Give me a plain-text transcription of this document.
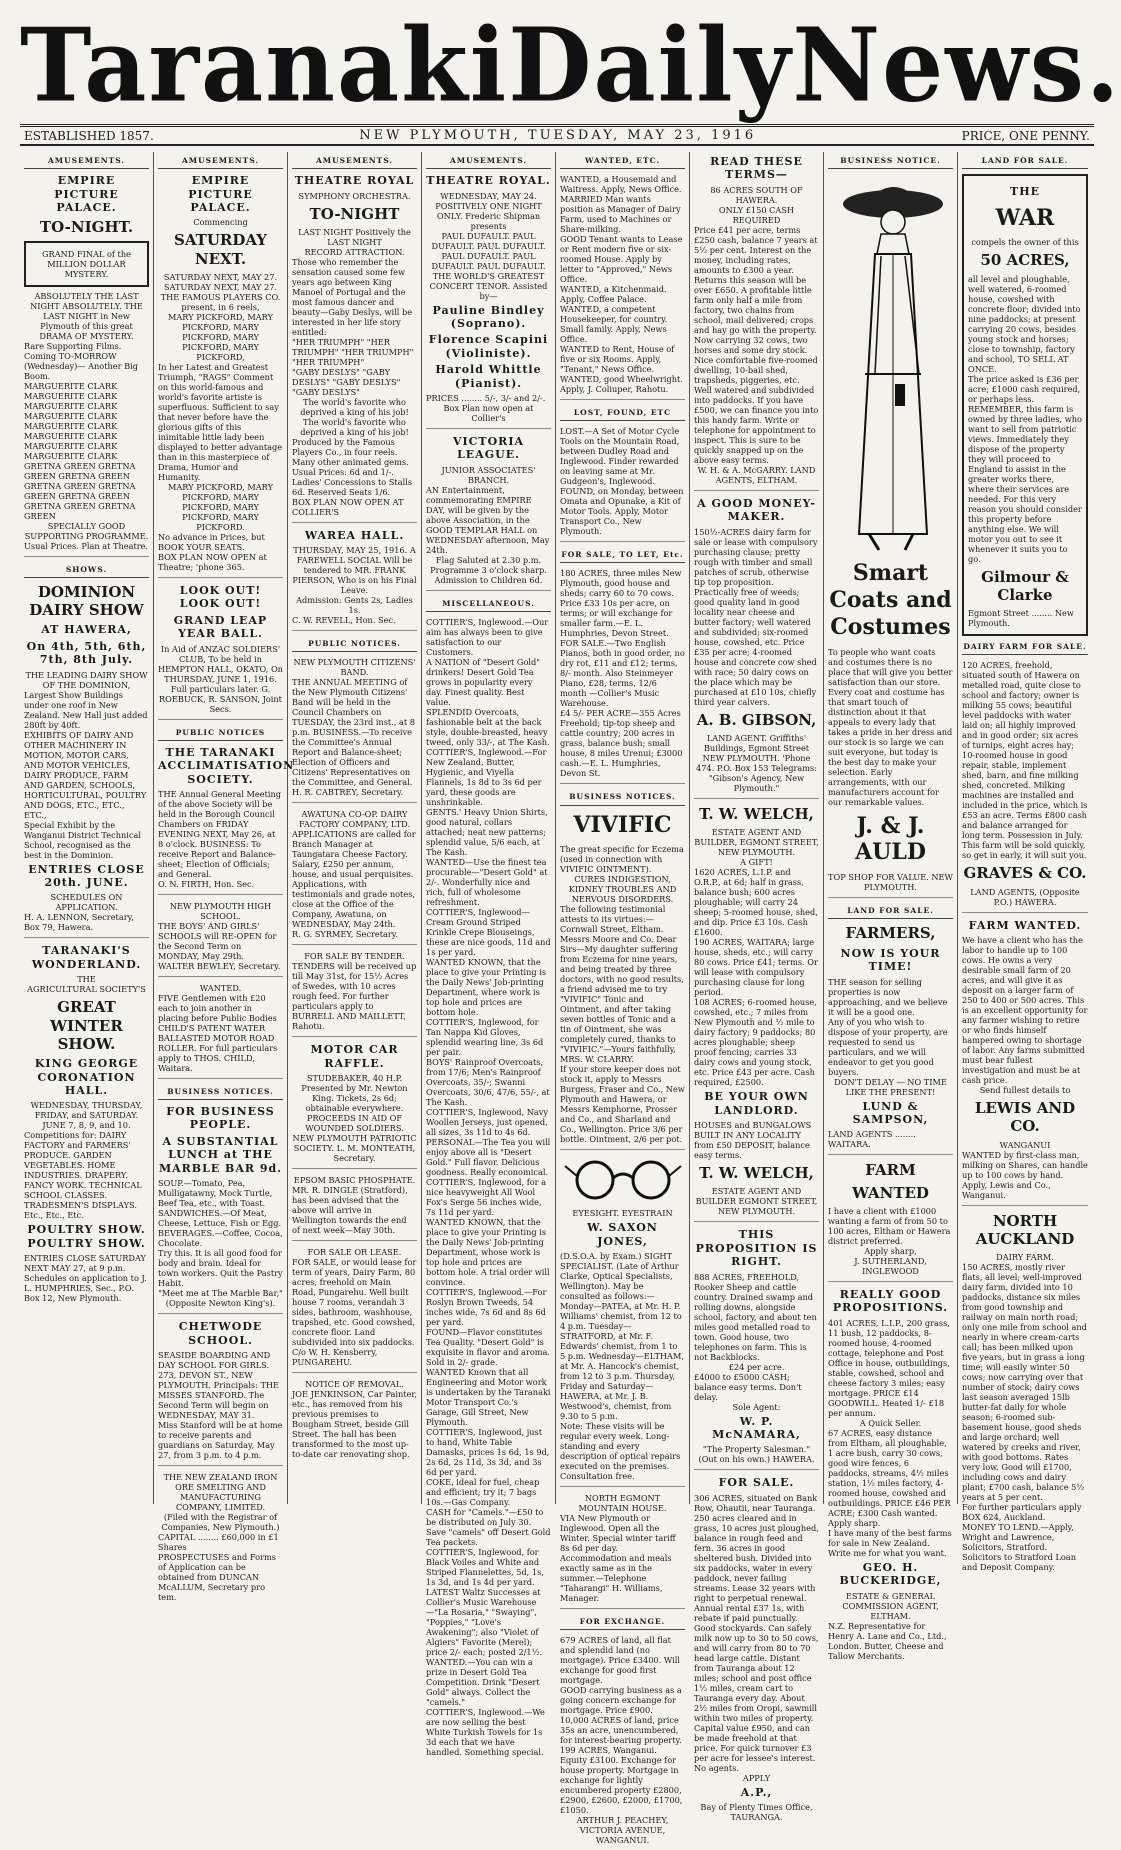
Taranaki Daily News.
ESTABLISHED 1857.	NEW PLYMOUTH, TUESDAY, MAY 23, 1916	PRICE, ONE PENNY.
AMUSEMENTS.
EMPIRE PICTURE PALACE.
TO-NIGHT.
GRAND FINAL of the MILLION DOLLAR MYSTERY.
ABSOLUTELY THE LAST NIGHT ABSOLUTELY. THE LAST NIGHT in New Plymouth of this great DRAMA OF MYSTERY.
Rare Supporting Films. Coming TO-MORROW (Wednesday)— Another Big Boom.
MARGUERITE CLARK MARGUERITE CLARK MARGUERITE CLARK MARGUERITE CLARK MARGUERITE CLARK MARGUERITE CLARK MARGUERITE CLARK MARGUERITE CLARK
GRETNA GREEN GRETNA GREEN GRETNA GREEN GRETNA GREEN GRETNA GREEN GRETNA GREEN GRETNA GREEN GRETNA GREEN
SPECIALLY GOOD SUPPORTING PROGRAMME.
Usual Prices. Plan at Theatre.
SHOWS.
DOMINION DAIRY SHOW
AT HAWERA,
On 4th, 5th, 6th, 7th, 8th July.
THE LEADING DAIRY SHOW OF THE DOMINION,
Largest Show Buildings under one roof in New Zealand. New Hall just added 280ft by 40ft.
EXHIBITS OF DAIRY AND OTHER MACHINERY IN MOTION, MOTOR CARS, AND MOTOR VEHICLES, DAIRY PRODUCE, FARM AND GARDEN, SCHOOLS, HORTICULTURAL, POULTRY AND DOGS, ETC., ETC., ETC.,
Special Exhibit by the Wanganui District Technical School, recognised as the best in the Dominion.
ENTRIES CLOSE 20th. JUNE.
SCHEDULES ON APPLICATION.
H. A. LENNON, Secretary, Box 79, Hawera.
TARANAKI'S WONDERLAND.
THE
AGRICULTURAL SOCIETY'S
GREAT WINTER SHOW.
KING GEORGE CORONATION HALL.
WEDNESDAY, THURSDAY, FRIDAY, and SATURDAY. JUNE 7, 8, 9, and 10.
Competitions for: DAIRY FACTORY and FARMERS' PRODUCE. GARDEN VEGETABLES. HOME INDUSTRIES. DRAPERY. FANCY WORK. TECHNICAL SCHOOL CLASSES. TRADESMEN'S DISPLAYS. Etc., Etc., Etc.
POULTRY SHOW. POULTRY SHOW.
ENTRIES CLOSE SATURDAY NEXT MAY 27, at 9 p.m. Schedules on application to J. L. HUMPHRIES, Sec., P.O. Box 12, New Plymouth.
AMUSEMENTS.
EMPIRE PICTURE PALACE.
Commencing
SATURDAY NEXT.
SATURDAY NEXT, MAY 27. SATURDAY NEXT, MAY 27.
THE FAMOUS PLAYERS CO. present, in 6 reels,
MARY PICKFORD, MARY PICKFORD, MARY PICKFORD, MARY PICKFORD, MARY PICKFORD,
In her Latest and Greatest Triumph, "RAGS" Comment on this world-famous and world's favorite artiste is superfluous. Sufficient to say that never before have the glorious gifts of this inimitable little lady been displayed to better advantage than in this masterpiece of Drama, Humor and Humanity.
MARY PICKFORD, MARY PICKFORD, MARY PICKFORD, MARY PICKFORD, MARY PICKFORD.
No advance in Prices, but BOOK YOUR SEATS.
BOX PLAN NOW OPEN at Theatre; 'phone 365.
LOOK OUT! LOOK OUT!
GRAND LEAP YEAR BALL.
In Aid of ANZAC SOLDIERS' CLUB, To be held in HEMPTON HALL, OKATO, On THURSDAY, JUNE 1, 1916.
Full particulars later. G. ROEBUCK, R. SANSON, Joint Secs.
PUBLIC NOTICES
THE TARANAKI ACCLIMATISATION SOCIETY.
THE Annual General Meeting of the above Society will be held in the Borough Council Chambers on FRIDAY EVENING NEXT, May 26, at 8 o'clock. BUSINESS: To receive Report and Balance-sheet; Election of Officials; and General.
O. N. FIRTH, Hon. Sec.
NEW PLYMOUTH HIGH SCHOOL.
THE BOYS' AND GIRLS' SCHOOLS will RE-OPEN for the Second Term on MONDAY, May 29th.
WALTER BEWLEY, Secretary.
WANTED.
FIVE Gentlemen with £20 each to join another in placing before Public Bodies CHILD'S PATENT WATER BALLASTED MOTOR ROAD ROLLER. For full particulars apply to THOS. CHILD, Waitara.
BUSINESS NOTICES.
FOR BUSINESS PEOPLE.
A SUBSTANTIAL LUNCH at THE MARBLE BAR 9d.
SOUP.—Tomato, Pea, Mulligatawny, Mock Turtle, Beef Tea, etc., with Toast. SANDWICHES.—Of Meat, Cheese, Lettuce, Fish or Egg. BEVERAGES.—Coffee, Cocoa, Chocolate.
Try this. It is all good food for body and brain. Ideal for town workers. Quit the Pastry Habit.
"Meet me at The Marble Bar," (Opposite Newton King's).
CHETWODE SCHOOL.
SEASIDE BOARDING AND DAY SCHOOL FOR GIRLS. 273, DEVON ST., NEW PLYMOUTH. Principals: THE MISSES STANFORD. The Second Term will begin on WEDNESDAY, MAY 31.
Miss Stanford will be at home to receive parents and guardians on Saturday, May 27, from 3 p.m. to 4 p.m.
THE NEW ZEALAND IRON ORE SMELTING AND MANUFACTURING COMPANY, LIMITED.
(Filed with the Registrar of Companies, New Plymouth.)
CAPITAL ........ £60,000 in £1 Shares
PROSPECTUSES and Forms of Application can be obtained from DUNCAN McALLUM, Secretary pro tem.
AMUSEMENTS.
THEATRE ROYAL
SYMPHONY ORCHESTRA.
TO-NIGHT
LAST NIGHT Positively the LAST NIGHT
RECORD ATTRACTION.
Those who remember the sensation caused some few years ago between King Manoel of Portugal and the most famous dancer and beauty—Gaby Deslys, will be interested in her life story entitled:
"HER TRIUMPH" "HER TRIUMPH" "HER TRIUMPH" "HER TRIUMPH"
"GABY DESLYS" "GABY DESLYS" "GABY DESLYS" "GABY DESLYS"
The world's favorite who deprived a king of his job! The world's favorite who deprived a king of his job!
Produced by the Famous Players Co., in four reels. Many other animated gems. Usual Prices: 6d and 1/-. Ladies' Concessions to Stalls 6d. Reserved Seats 1/6.
BOX PLAN NOW OPEN AT COLLIER'S
WAREA HALL.
THURSDAY, MAY 25, 1916. A FAREWELL SOCIAL Will be tendered to MR. FRANK PIERSON, Who is on his Final Leave.
Admission: Gents 2s, Ladies 1s.
C. W. REVELL, Hon. Sec.
PUBLIC NOTICES.
NEW PLYMOUTH CITIZENS' BAND.
THE ANNUAL MEETING of the New Plymouth Citizens' Band will be held in the Council Chambers on TUESDAY, the 23rd inst., at 8 p.m. BUSINESS.—To receive the Committee's Annual Report and Balance-sheet; Election of Officers and Citizens' Representatives on the Committee, and General.
H. R. CABTREY, Secretary.
AWATUNA CO-OP. DAIRY FACTORY COMPANY, LTD.
APPLICATIONS are called for Branch Manager at Taungatara Cheese Factory. Salary, £250 per annum, house, and usual perquisites. Applications, with testimonials and grade notes, close at the Office of the Company, Awatuna, on WEDNESDAY, May 24th.
R. G. SYRMEY, Secretary.
FOR SALE BY TENDER.
TENDERS will be received up till May 31st, for 15½ Acres of Swedes, with 10 acres rough feed. For further particulars apply to BURRELL AND MAILLETT, Rahotu.
MOTOR CAR RAFFLE.
STUDEBAKER, 40 H.P. Presented by Mr. Newton King. Tickets, 2s 6d; obtainable everywhere.
PROCEEDS IN AID OF WOUNDED SOLDIERS.
NEW PLYMOUTH PATRIOTIC SOCIETY. L. M. MONTEATH, Secretary.
EPSOM BASIC PHOSPHATE.
MR. R. DINGLE (Stratford), has been advised that the above will arrive in Wellington towards the end of next week—May 30th.
FOR SALE OR LEASE.
FOR SALE, or would lease for term of years, Dairy Farm, 80 acres, freehold on Main Road, Pungarehu. Well built house 7 rooms, verandah 3 sides, bathroom, washhouse, trapshed, etc. Good cowshed, concrete floor. Land subdivided into six paddocks.
C/o W. H. Kensberry, PUNGAREHU.
NOTICE OF REMOVAL.
JOE JENKINSON, Car Painter, etc., has removed from his previous premises to Bougham Street, beside Gill Street. The hall has been transformed to the most up-to-date car renovating shop.
AMUSEMENTS.
THEATRE ROYAL.
WEDNESDAY, MAY 24. POSITIVELY ONE NIGHT ONLY. Frederic Shipman presents
PAUL DUFAULT. PAUL DUFAULT. PAUL DUFAULT. PAUL DUFAULT. PAUL DUFAULT. PAUL DUFAULT.
THE WORLD'S GREATEST CONCERT TENOR. Assisted by—
Pauline Bindley (Soprano).
Florence Scapini (Violiniste).
Harold Whittle (Pianist).
PRICES ........ 5/-, 3/- and 2/-.
Box Plan now open at Collier's
VICTORIA LEAGUE.
JUNIOR ASSOCIATES' BRANCH.
AN Entertainment, commemorating EMPIRE DAY, will be given by the above Association, in the GOOD TEMPLAR HALL on WEDNESDAY afternoon, May 24th.
Flag Saluted at 2.30 p.m.
Programme 3 o'clock sharp.
Admission to Children 6d.
MISCELLANEOUS.
COTTIER'S, Inglewood.—Our aim has always been to give satisfaction to our Customers.
A NATION of "Desert Gold" drinkers! Desert Gold Tea grows in popularity every day. Finest quality. Best value.
SPLENDID Overcoats, fashionable belt at the back style, double-breasted, heavy tweed, only 33/-, at The Kash.
COTTIER'S, Inglewood.—For New Zealand, Butter, Hygienic, and Viyella Flannels, 1s 8d to 3s 6d per yard, these goods are unshrinkable.
GENTS.' Heavy Union Shirts, good natural, collars attached; neat new patterns; splendid value, 5/6 each, at The Kash.
WANTED—Use the finest tea procurable—"Desert Gold" at 2/-. Wonderfully nice and rich, full of wholesome refreshment.
COTTIER'S, Inglewood—Cream Ground Striped Krinkle Crepe Blouseings, these are nice goods, 11d and 1s per yard.
WANTED KNOWN, that the place to give your Printing is the Daily News' Job-printing Department, where work is top hole and prices are bottom hole.
COTTIER'S, Inglewood, for Tan Nappa Kid Gloves, splendid wearing line, 3s 6d per pair.
BOYS' Rainproof Overcoats, from 17/6; Men's Rainproof Overcoats, 35/-; Swanni Overcoats, 30/6, 47/6, 55/-, at The Kash.
COTTIER'S, Inglewood, Navy Woollen Jerseys, just opened, all sizes, 3s 11d to 4s 6d.
PERSONAL—The Tea you will enjoy above all is "Desert Gold." Full flavor. Delicious goodness. Really economical.
COTTIER'S, Inglewood, for a nice heavyweight All Wool Fox's Serge 56 inches wide, 7s 11d per yard.
WANTED KNOWN, that the place to give your Printing is the Daily News' Job-printing Department, whose work is top hole and prices are bottom hole. A trial order will convince.
COTTIER'S, Inglewood.—For Roslyn Brown Tweeds, 54 inches wide, 7s 6d and 8s 6d per yard.
FOUND—Flavor constitutes Tea Quality. "Desert Gold" is exquisite in flavor and aroma. Sold in 2/- grade.
WANTED Known that all Engineering and Motor work is undertaken by the Taranaki Motor Transport Co.'s Garage, Gill Street, New Plymouth.
COTTIER'S, Inglewood, just to hand, White Table Damasks, prices 1s 6d, 1s 9d, 2s 6d, 2s 11d, 3s 3d, and 3s 6d per yard.
COKE, ideal for fuel, cheap and efficient; try it; 7 bags 10s.—Gas Company.
CASH for "Camels."—£50 to be distributed on July 30. Save "camels" off Desert Gold Tea packets.
COTTIER'S, Inglewood, for Black Voiles and White and Striped Flannelettes, 5d, 1s, 1s 3d, and 1s 4d per yard.
LATEST Waltz Successes at Collier's Music Warehouse—"La Rosaria," "Swaying", "Poppies," "Love's Awakening"; also "Violet of Algiers" Favorite (Merel); price 2/- each; posted 2/1½.
WANTED.—You can win a prize in Desert Gold Tea Competition. Drink "Desert Gold" always. Collect the "camels."
COTTIER'S, Inglewood.—We are now selling the best White Turkish Towels for 1s 3d each that we have handled. Something special.
WANTED, ETC.
WANTED, a Housemaid and Waitress. Apply, News Office.
MARRIED Man wants position as Manager of Dairy Farm, used to Machines or Share-milking.
GOOD Tenant wants to Lease or Rent modern five or six-roomed House. Apply by letter to "Approved," News Office.
WANTED, a Kitchenmaid. Apply, Coffee Palace.
WANTED, a competent Housekeeper, for country. Small family. Apply, News Office.
WANTED to Rent, House of five or six Rooms. Apply, "Tenant," News Office.
WANTED, good Wheelwright. Apply, J. Coliuper, Rahotu.
LOST, FOUND, ETC
LOST.—A Set of Motor Cycle Tools on the Mountain Road, between Dudley Road and Inglewood. Finder rewarded on leaving same at Mr. Gudgeon's, Inglewood.
FOUND, on Monday, between Omata and Opunake, a Kit of Motor Tools. Apply, Motor Transport Co., New Plymouth.
FOR SALE, TO LET, Etc.
180 ACRES, three miles New Plymouth, good house and sheds; carry 60 to 70 cows. Price £33 10s per acre, on terms; or will exchange for smaller farm.—E. L. Humphries, Devon Street.
FOR SALE.—Two English Pianos, both in good order, no dry rot, £11 and £12; terms, 8/- month. Also Steinmeyer Piano, £28, terms, 12/6 month —Collier's Music Warehouse.
£4 5/- PER ACRE—355 Acres Freehold; tip-top sheep and cattle country; 200 acres in grass, balance bush; small house, 8 miles Urenui; £3000 cash.—E. L. Humphries, Devon St.
BUSINESS NOTICES.
VIVIFIC
The great specific for Eczema (used in connection with VIVIFIC OINTMENT).
CURES INDIGESTION, KIDNEY TROUBLES AND NERVOUS DISORDERS.
The following testimonial attests to its virtues:— Cornwall Street, Eltham. Messrs Moore and Co. Dear Sirs—My daughter suffering from Eczema for nine years, and being treated by three doctors, with no good results, a friend advised me to try "VIVIFIC" Tonic and Ointment, and after taking seven bottles of Tonic and a tin of Ointment, she was completely cured, thanks to "VIVIFIC."—Yours faithfully, MRS. W. CLARRY.
If your store keeper does not stock it, apply to Messrs Burgess, Fraser and Co., New Plymouth and Hawera, or Messrs Kemphorne, Prosser and Co., and Sharland and Co., Wellington. Price 3/6 per bottle. Ointment, 2/6 per pot.
EYESIGHT. EYESTRAIN
W. SAXON JONES,
(D.S.O.A. by Exam.) SIGHT SPECIALIST. (Late of Arthur Clarke, Optical Specialists, Wellington). May be consulted as follows:— Monday—PATEA, at Mr. H. P. Williams' chemist, from 12 to 4 p.m. Tuesday—STRATFORD, at Mr. F. Edwards' chemist, from 1 to 5 p.m. Wednesday—ELTHAM, at Mr. A. Hancock's chemist, from 12 to 3 p.m. Thursday, Friday and Saturday—HAWERA, at Mr. J. B. Westwood's, chemist, from 9.30 to 5 p.m.
Note: These visits will be regular every week. Long-standing and every description of optical repairs executed on the premises. Consultation free.
NORTH EGMONT MOUNTAIN HOUSE.
VIA New Plymouth or Inglewood. Open all the Winter. Special winter tariff 8s 6d per day. Accommodation and meals exactly same as in the summer.—Telephone "Taharangi" H. Williams, Manager.
FOR EXCHANGE.
679 ACRES of land, all flat and splendid land (no mortgage). Price £3400. Will exchange for good first mortgage.
GOOD carrying business as a going concern exchange for mortgage. Price £900.
10,000 ACRES of land, price 35s an acre, unencumbered, for interest-bearing property.
199 ACRES, Wanganui. Equity £3100. Exchange for house property. Mortgage in exchange for lightly encumbered property £2800, £2900, £2600, £2000, £1700, £1050.
ARTHUR J. PEACHEY, VICTORIA AVENUE, WANGANUI.
READ THESE TERMS—
86 ACRES SOUTH OF HAWERA.
ONLY £150 CASH REQUIRED
Price £41 per acre, terms £250 cash, balance 7 years at 5½ per cent. Interest on the money, including rates, amounts to £300 a year. Returns this season will be over £650. A profitable little farm only half a mile from factory, two chains from school, mail delivered; crops and hay go with the property. Now carrying 32 cows, two horses and some dry stock. Nice comfortable five-roomed dwelling, 10-bail shed, trapsheds, piggeries, etc. Well watered and subdivided into paddocks. If you have £500, we can finance you into this handy farm. Write or telephone for appointment to inspect. This is sure to be quickly snapped up on the above easy terms.
W. H. & A. McGARRY. LAND AGENTS, ELTHAM.
A GOOD MONEY-MAKER.
150½-ACRES dairy farm for sale or lease with compulsory purchasing clause; pretty rough with timber and small patches of scrub, otherwise tip top proposition. Practically free of weeds; good quality land in good locality near cheese and butter factory; well watered and subdivided; six-roomed house, cowshed, etc. Price £35 per acre; 4-roomed house and concrete cow shed with race; 50 dairy cows on the place which may be purchased at £10 10s, chiefly third year calvers.
A. B. GIBSON,
LAND AGENT. Griffiths' Buildings, Egmont Street NEW PLYMOUTH. 'Phone 474. P.O. Box 153 Telegrams: "Gibson's Agency, New Plymouth."
T. W. WELCH,
ESTATE AGENT AND BUILDER, EGMONT STREET, NEW PLYMOUTH.
A GIFT!
1620 ACRES, L.I.P. and O.R.P., at 6d; half in grass, balance bush; 600 acres ploughable; will carry 24 sheep; 5-roomed house, shed, and dip. Price £3 10s. Cash £1600.
190 ACRES, WAITARA; large house, sheds, etc.; will carry 80 cows. Price £41; terms. Or will lease with compulsory purchasing clause for long period.
108 ACRES; 6-roomed house, cowshed, etc.; 7 miles from New Plymouth and ½ mile to dairy factory; 9 paddocks; 80 acres ploughable; sheep proof fencing; carries 33 dairy cows and young stock, etc. Price £43 per acre. Cash required, £2500.
BE YOUR OWN LANDLORD.
HOUSES and BUNGALOWS BUILT IN ANY LOCALITY from £50 DEPOSIT, balance easy terms.
T. W. WELCH,
ESTATE AGENT AND BUILDER EGMONT STREET, NEW PLYMOUTH.
THIS PROPOSITION IS RIGHT.
888 ACRES, FREEHOLD, Rooker Sheep and cattle country. Drained swamp and rolling downs, alongside school, factory, and about ten miles good metalled road to town. Good house, two telephones on farm. This is not Backblocks.
£24 per acre.
£4000 to £5000 CASH; balance easy terms. Don't delay.
Sole Agent:
W. P. McNAMARA,
"The Property Salesman." (Out on his own.) HAWERA.
FOR SALE.
306 ACRES, situated on Bank Row, Ohautii, near Tauranga. 250 acres cleared and in grass, 10 acres just ploughed, balance in rough feed and fern. 36 acres in good sheltered bush. Divided into six paddocks, water in every paddock, never failing streams. Lease 32 years with right to perpetual renewal. Annual rental £37 1s, with rebate if paid punctually. Good stockyards. Can safely milk now up to 30 to 50 cows, and will carry from 80 to 70 head large cattle. Distant from Tauranga about 12 miles; school and post office 1½ miles, cream cart to Tauranga every day. About 2½ miles from Oropi, sawmill within two miles of property. Capital value £950, and can be made freehold at that price. For quick turnover £3 per acre for lessee's interest. No agents.
APPLY
A.P.,
Bay of Plenty Times Office, TAURANGA.
BUSINESS NOTICE.
Smart Coats and Costumes
To people who want coats and costumes there is no place that will give you better satisfaction than our store. Every coat and costume has that smart touch of distinction about it that appeals to every lady that takes a pride in her dress and our stock is so large we can suit everyone, but today is the best day to make your selection. Early arrangements, with our manufacturers account for our remarkable values.
J. & J. AULD
TOP SHOP FOR VALUE. NEW PLYMOUTH.
LAND FOR SALE.
FARMERS,
NOW IS YOUR TIME!
THE season for selling properties is now approaching, and we believe it will be a good one.
Any of you who wish to dispose of your property, are requested to send us particulars, and we will endeavor to get you good buyers.
DON'T DELAY — NO TIME LIKE THE PRESENT!
LUND & SAMPSON,
LAND AGENTS ........ WAITARA.
FARM
WANTED
I have a client with £1000 wanting a farm of from 50 to 100 acres, Eltham or Hawera district preferred.
Apply sharp,
J. SUTHERLAND,
INGLEWOOD
REALLY GOOD PROPOSITIONS.
401 ACRES, L.I.P., 200 grass, 11 bush, 12 paddocks, 8-roomed house, 4-roomed cottage, telephone and Post Office in house, outbuildings, stable, cowshed, school and cheese factory 3 miles; easy mortgage. PRICE £14 GOODWILL. Heated 1/- £18 per annum.
A Quick Seller.
67 ACRES, easy distance from Eltham, all ploughable, 1 acre bush, carry 30 cows, good wire fences, 6 paddocks, streams, 4½ miles station, 1½ miles factory, 4-roomed house, cowshed and outbuildings. PRICE £46 PER ACRE; £300 Cash wanted. Apply sharp.
I have many of the best farms for sale in New Zealand. Write me for what you want.
GEO. H. BUCKERIDGE,
ESTATE & GENERAL COMMISSION AGENT, ELTHAM.
N.Z. Representative for Henry A. Lane and Co., Ltd., London. Butter, Cheese and Tallow Merchants.
LAND FOR SALE.
THE
WAR
compels the owner of this
50 ACRES,
all level and ploughable, well watered, 6-roomed house, cowshed with concrete floor; divided into nine paddocks; at present carrying 20 cows, besides young stock and horses; close to township, factory and school, TO SELL AT ONCE.
The price asked is £36 per acre; £1000 cash required, or perhaps less.
REMEMBER, this farm is owned by three ladies, who want to sell from patriotic views. Immediately they dispose of the property they will proceed to England to assist in the greater works there, where their services are needed. For this very reason you should consider this property before anything else. We will motor you out to see it whenever it suits you to go.
Gilmour & Clarke
Egmont Street ........ New Plymouth.
DAIRY FARM FOR SALE.
120 ACRES, freehold, situated south of Hawera on metalled road, quite close to school and factory; owner is milking 55 cows; beautiful level paddocks with water laid on; all highly improved and in good order; six acres of turnips, eight acres hay; 10-roomed house in good repair, stable, implement shed, barn, and fine milking shed, concreted. Milking machines are installed and included in the price, which is £53 an acre. Terms £800 cash and balance arranged for long term. Possession in July. This farm will be sold quickly, so get in early, it will suit you.
GRAVES & CO.
LAND AGENTS, (Opposite P.O.) HAWERA.
FARM WANTED.
We have a client who has the labor to handle up to 100 cows. He owns a very desirable small farm of 20 acres, and will give it as deposit on a larger farm of 250 to 400 or 500 acres. This is an excellent opportunity for any farmer wishing to retire or who finds himself hampered owing to shortage of labor. Any farms submitted must bear fullest investigation and must be at cash price.
Send fullest details to
LEWIS AND CO.
WANGANUI
WANTED by first-class man, milking on Shares, can handle up to 100 cows by hand. Apply, Lewis and Co., Wanganui.
NORTH AUCKLAND
DAIRY FARM.
150 ACRES, mostly river flats, all level; well-improved dairy farm, divided into 10 paddocks, distance six miles from good township and railway on main north road; only one mile from school and nearly in where cream-carts call; has been milked upon five years, but in grass a long time; will easily winter 50 cows; now carrying over that number of stock; dairy cows last season averaged 15lb butter-fat daily for whole season; 6-roomed sub-basement house, good sheds and large orchard; well watered by creeks and river, with good bottoms. Rates very low. Good will £1700, including cows and dairy plant; £700 cash, balance 5½ years at 5 per cent.
For further particulars apply BOX 624, Auckland.
MONEY TO LEND.—Apply, Wright and Lawrence, Solicitors, Stratford. Solicitors to Stratford Loan and Deposit Company.
